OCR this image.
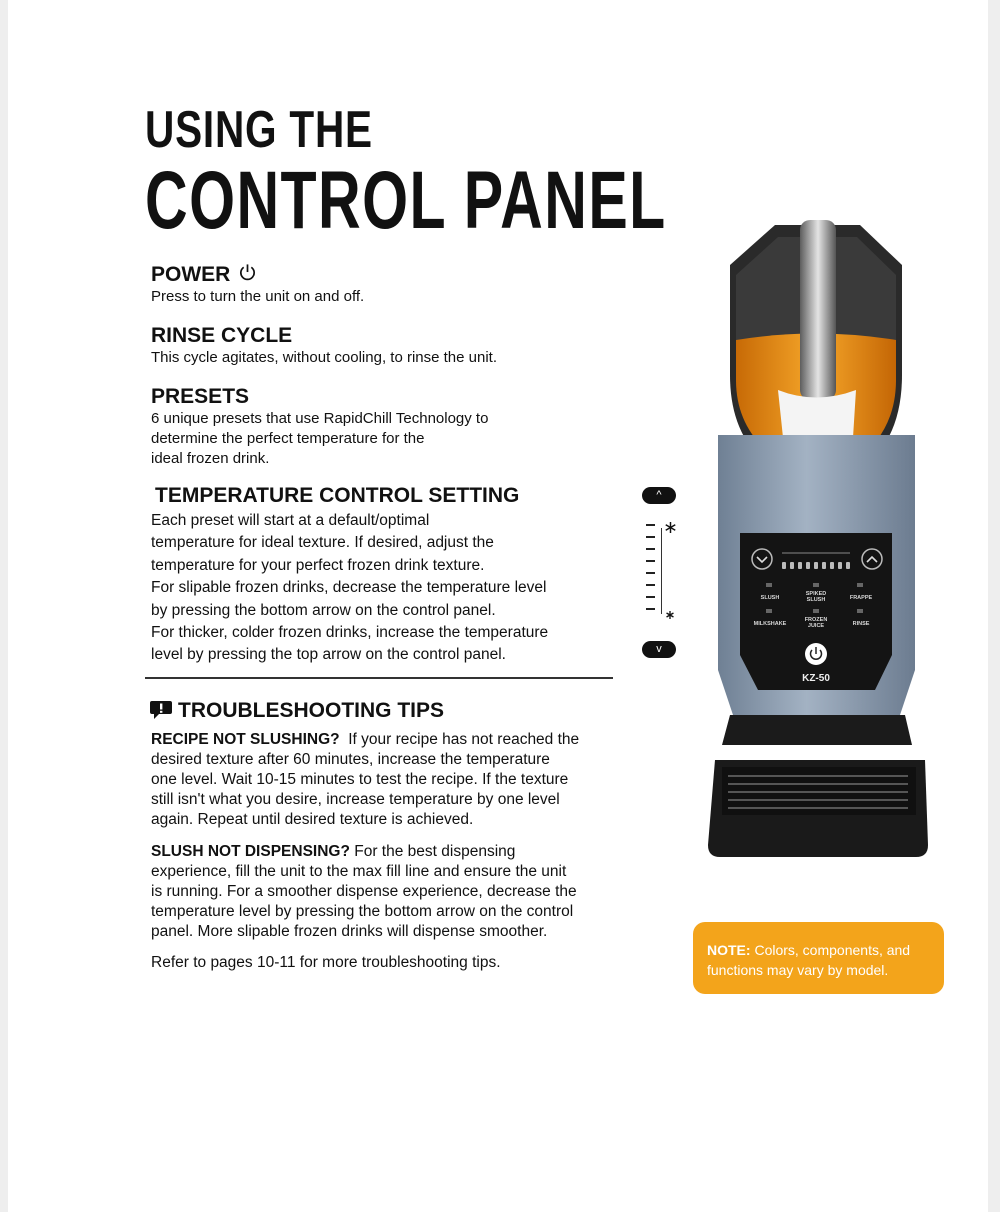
USING THE
CONTROL PANEL
POWER
Press to turn the unit on and off.
RINSE CYCLE
This cycle agitates, without cooling, to rinse the unit.
PRESETS
6 unique presets that use RapidChill Technology to
determine the perfect temperature for the
ideal frozen drink.
TEMPERATURE CONTROL SETTING
Each preset will start at a default/optimal
temperature for ideal texture. If desired, adjust the
temperature for your perfect frozen drink texture.
For slipable frozen drinks, decrease the temperature level
by pressing the bottom arrow on the control panel.
For thicker, colder frozen drinks, increase the temperature
level by pressing the top arrow on the control panel.
TROUBLESHOOTING TIPS
RECIPE NOT SLUSHING? If your recipe has not reached the
desired texture after 60 minutes, increase the temperature
one level. Wait 10-15 minutes to test the recipe. If the texture
still isn't what you desire, increase temperature by one level
again. Repeat until desired texture is achieved.
SLUSH NOT DISPENSING? For the best dispensing
experience, fill the unit to the max fill line and ensure the unit
is running. For a smoother dispense experience, decrease the
temperature level by pressing the bottom arrow on the control
panel. More slipable frozen drinks will dispense smoother.
Refer to pages 10-11 for more troubleshooting tips.
^
v
SLUSH
SPIKED
SLUSH	FRAPPE
MILKSHAKE
FROZEN
JUICE	RINSE
KZ-50
NOTE: Colors, components, and
functions may vary by model.
